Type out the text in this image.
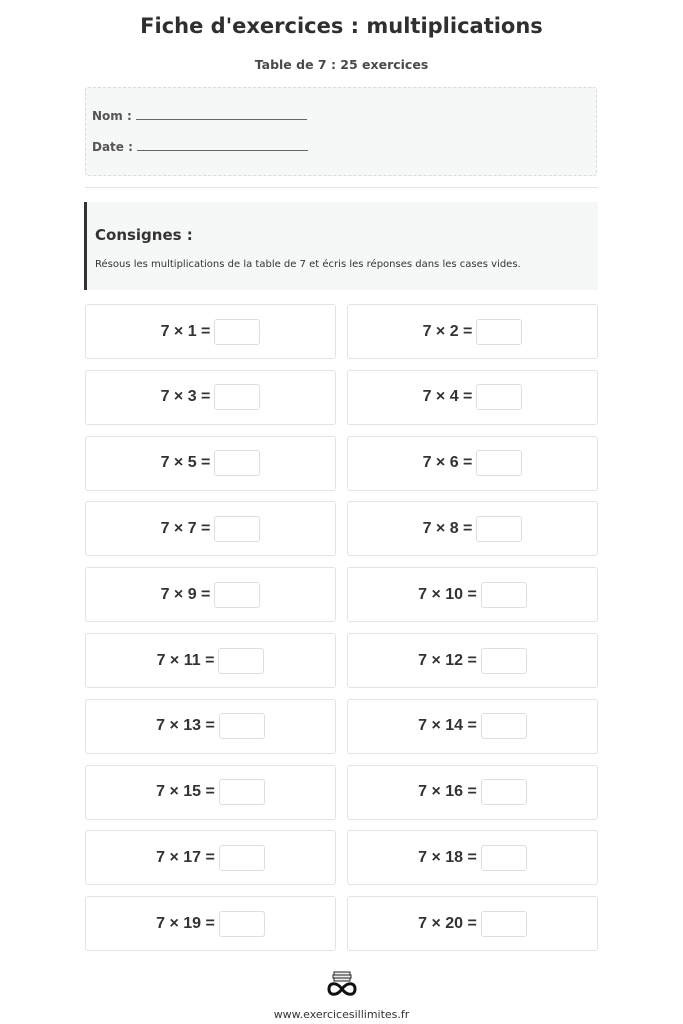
Fiche d'exercices : multiplications
Table de 7 : 25 exercices
Nom :
Date :
Consignes :
Résous les multiplications de la table de 7 et écris les réponses dans les cases vides.
7 × 1 =	7 × 2 =
7 × 3 =	7 × 4 =
7 × 5 =	7 × 6 =
7 × 7 =	7 × 8 =
7 × 9 =	7 × 10 =
7 × 11 =	7 × 12 =
7 × 13 =	7 × 14 =
7 × 15 =	7 × 16 =
7 × 17 =	7 × 18 =
7 × 19 =	7 × 20 =
www.exercicesillimites.fr
